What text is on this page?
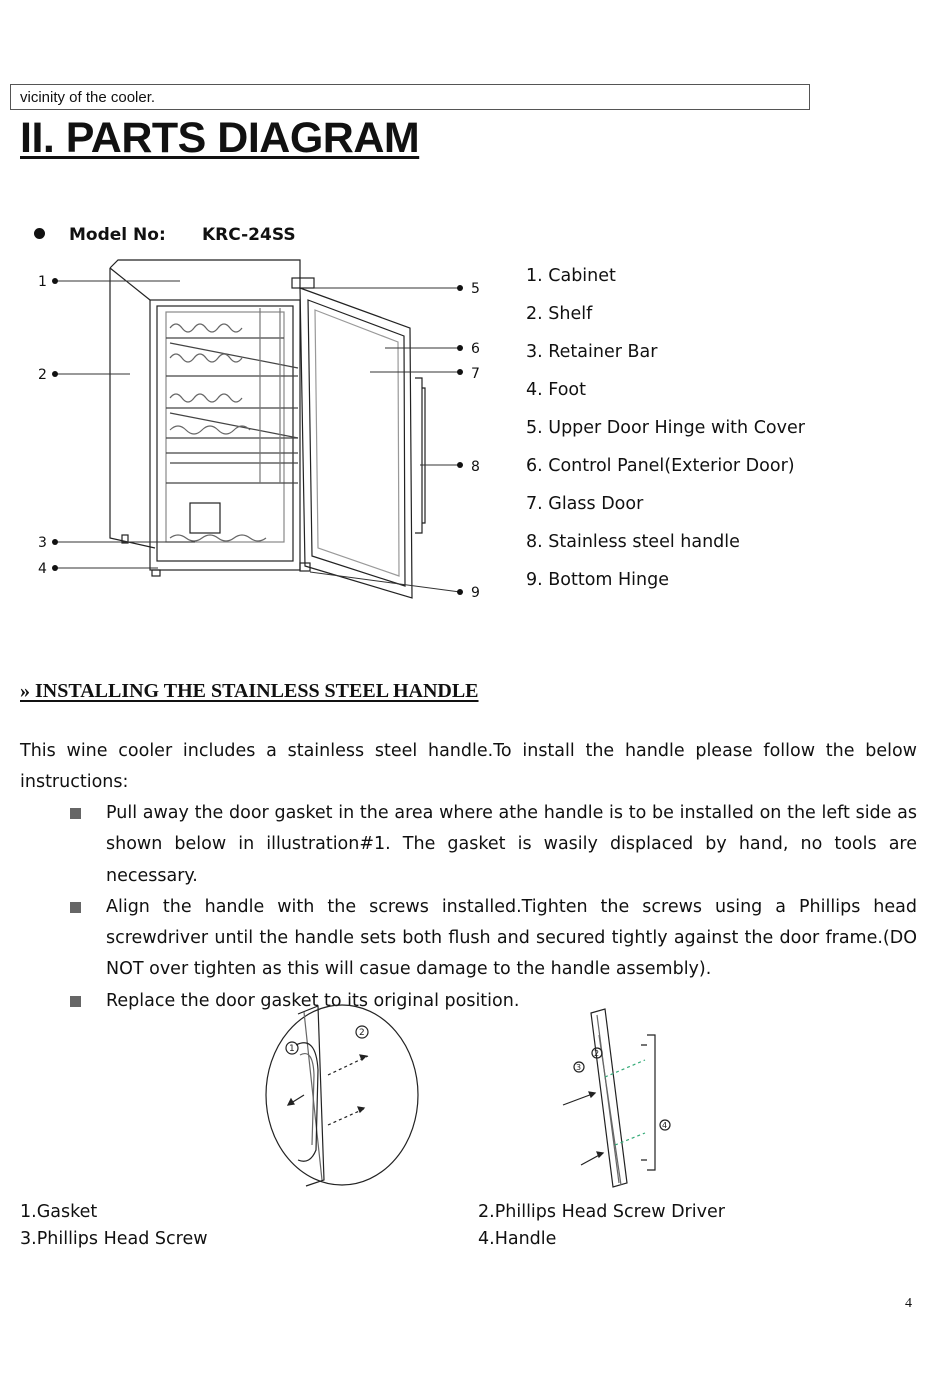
vicinity of the cooler.
II. PARTS DIAGRAM
Model No: KRC-24SS
1
2
3
4
5
6
7
8
9
1. Cabinet
2. Shelf
3. Retainer Bar
4. Foot
5. Upper Door Hinge with Cover
6. Control Panel(Exterior Door)
7. Glass Door
8. Stainless steel handle
9. Bottom Hinge
» INSTALLING THE STAINLESS STEEL HANDLE

This wine cooler includes a stainless steel handle.To install the handle please follow the below instructions:

Pull away the door gasket in the area where athe handle is to be installed on the left side as shown below in illustration#1. The gasket is wasily displaced by hand, no tools are necessary.
Align the handle with the screws installed.Tighten the screws using a Phillips head screwdriver until the handle sets both flush and secured tightly against the door frame.(DO NOT over tighten as this will casue damage to the handle assembly).
Replace the door gasket to its original position.
1
2
2
3
4
1.Gasket	2.Phillips Head Screw Driver
3.Phillips Head Screw	4.Handle
4
